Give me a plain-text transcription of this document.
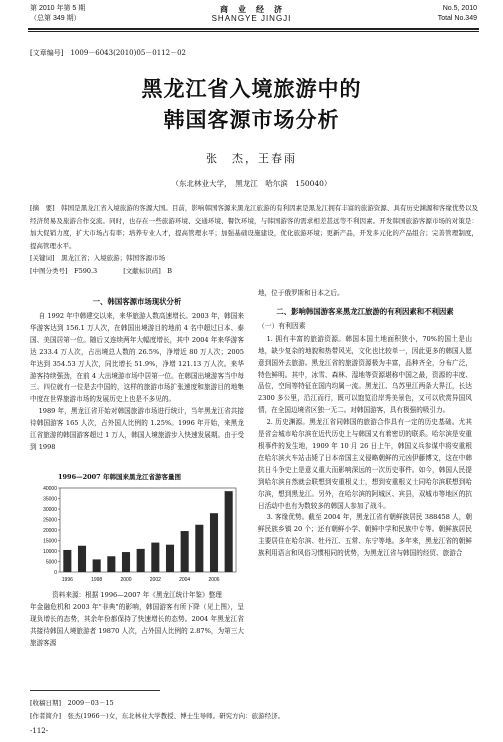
第 2010 年第 5 期
（总第 349 期）
商　业　经　济
SHANGYE JINGJI
No.5, 2010
Total No.349
[文章编号]　1009－6043(2010)05－0112－02
黑龙江省入境旅游中的
韩国客源市场分析
张　杰，王春雨
（东北林业大学，　黑龙江　哈尔滨　150040）
[摘　要]　韩国是黑龙江省入境旅游的客源大国。目前，影响韩国客源来黑龙江旅游的有利因素是黑龙江拥有丰富的旅游资源、具有历史渊源和客缘优势以及经济贸易及旅游合作交流。同时，也存在一些旅游环境、交通环境、餐饮环境，与韩国游客的需求相差甚远等不利因素。开发韩国旅游客源市场的对策是：加大促销力度，扩大市场占有率；培养专业人才，提高管理水平；加强基础设施建设，优化旅游环境；更新产品，开发多元化的产品组合；完善管理制度，提高管理水平。
[关键词]　黑龙江省；入境旅游；韩国客源市场
[中图分类号]　F590.3　　　　[文献标识码]　B
一、韩国客源市场现状分析

自 1992 年中韩建交以来，来华旅游人数高速增长。2003 年，韩国来华游客达到 156.1 万人次，在韩国出境游目的地前 4 名中超过日本、泰国、美国居第一位。随后又连续两年大幅度增长，其中 2004 年来华游客达 233.4 万人次，占出境总人数的 26.5%，净增近 80 万人次；2005 年达到 354.53 万人次，同比增长 51.9%，净增 121.13 万人次。来华游客持续强劲，在前 4 大出境游市场中居第一位。在韩国出境游客当中每三、四位就有一位是去中国的，这样的旅游市场扩张速度和旅游目的地集中度在世界旅游市场的发展历史上也是不多见的。

1989 年，黑龙江省开始对韩国旅游市场进行统计，当年黑龙江省共接待韩国游客 165 人次，占外国人比例的 1.25%。1996 年开始，来黑龙江省旅游的韩国游客超过 1 万人，韩国人境旅游步入快速发展期。由于受到 1998

1996—2007 年韩国来黑龙江省游客量图
0
5000
10000
15000
20000
25000
30000
35000
40000
1996	1998	2000	2002	2004	2006
资料来源：根据 1996—2007 年《黑龙江统计年鉴》整理
年金融危机和 2003 年"非典"的影响，韩国游客有所下降（见上图），呈现负增长的态势，其余年份都保持了快速增长的态势。2004 年黑龙江省共接待韩国人境旅游者 19870 人次，占外国人比例的 2.87%，为第三大旅游客源
地，位于俄罗斯和日本之后。
二、影响韩国游客来黑龙江旅游的有利因素和不利因素
（一）有利因素

1. 拥有丰富的旅游资源。韩国本国土地面积狭小，70%的国土是山地，缺少复杂的地貌和热带风光，文化也比较单一，因此更多的韩国人愿意到国外去旅游。黑龙江省的旅游资源极为丰富，品种齐全，分布广泛，特色鲜明。其中，冰雪、森林、湿地等资源堪称中国之最，资源的丰度、品位，空间等特征在国内均属一流。黑龙江、乌苏里江两条大界江，长达 2300 多公里，沿江而行，既可以饱览沿岸秀美景色，又可以欣赏异国风情，在全国边境省区独一无二。对韩国游客，具有极强的吸引力。

2. 历史渊源。黑龙江省同韩国的旅游合作具有一定的历史基础。尤其是省会城市哈尔滨在近代历史上与韩国又有着密切的联系。哈尔滨是安重根事件的发生地，1909 年 10 月 26 日上午，韩国义兵参谋中将安重根在哈尔滨火车站击毙了日本帝国主义侵略朝鲜的元凶伊藤博文，这在中韩抗日斗争史上是意义重大而影响深远的一次历史事件。如今，韩国人民提到哈尔滨自然就会联想到安重根义士，想到安重根义士同哈尔滨联想到哈尔滨，想到黑龙江。另外，在哈尔滨的阿城区、宾县，双城市等地区的抗日活动中也有为数较多的韩国人参加了战斗。

3. 客缘优势。截至 2004 年，黑龙江省有朝鲜族居民 388458 人，朝鲜民族乡镇 20 个；还有朝鲜小学、朝鲜中学和民族中专等。朝鲜族居民主要居住在哈尔滨、牡丹江、五常、东宁等地。多年来，黑龙江省的朝鲜族利用语言和风俗习惯相同的优势，为黑龙江省与韩国的经贸、旅游合

[收稿日期]　2009－03－15
[作者简介]　张杰(1966－)女，东北林业大学教授、博士生导师。研究方向：旅游经济。
-112-
